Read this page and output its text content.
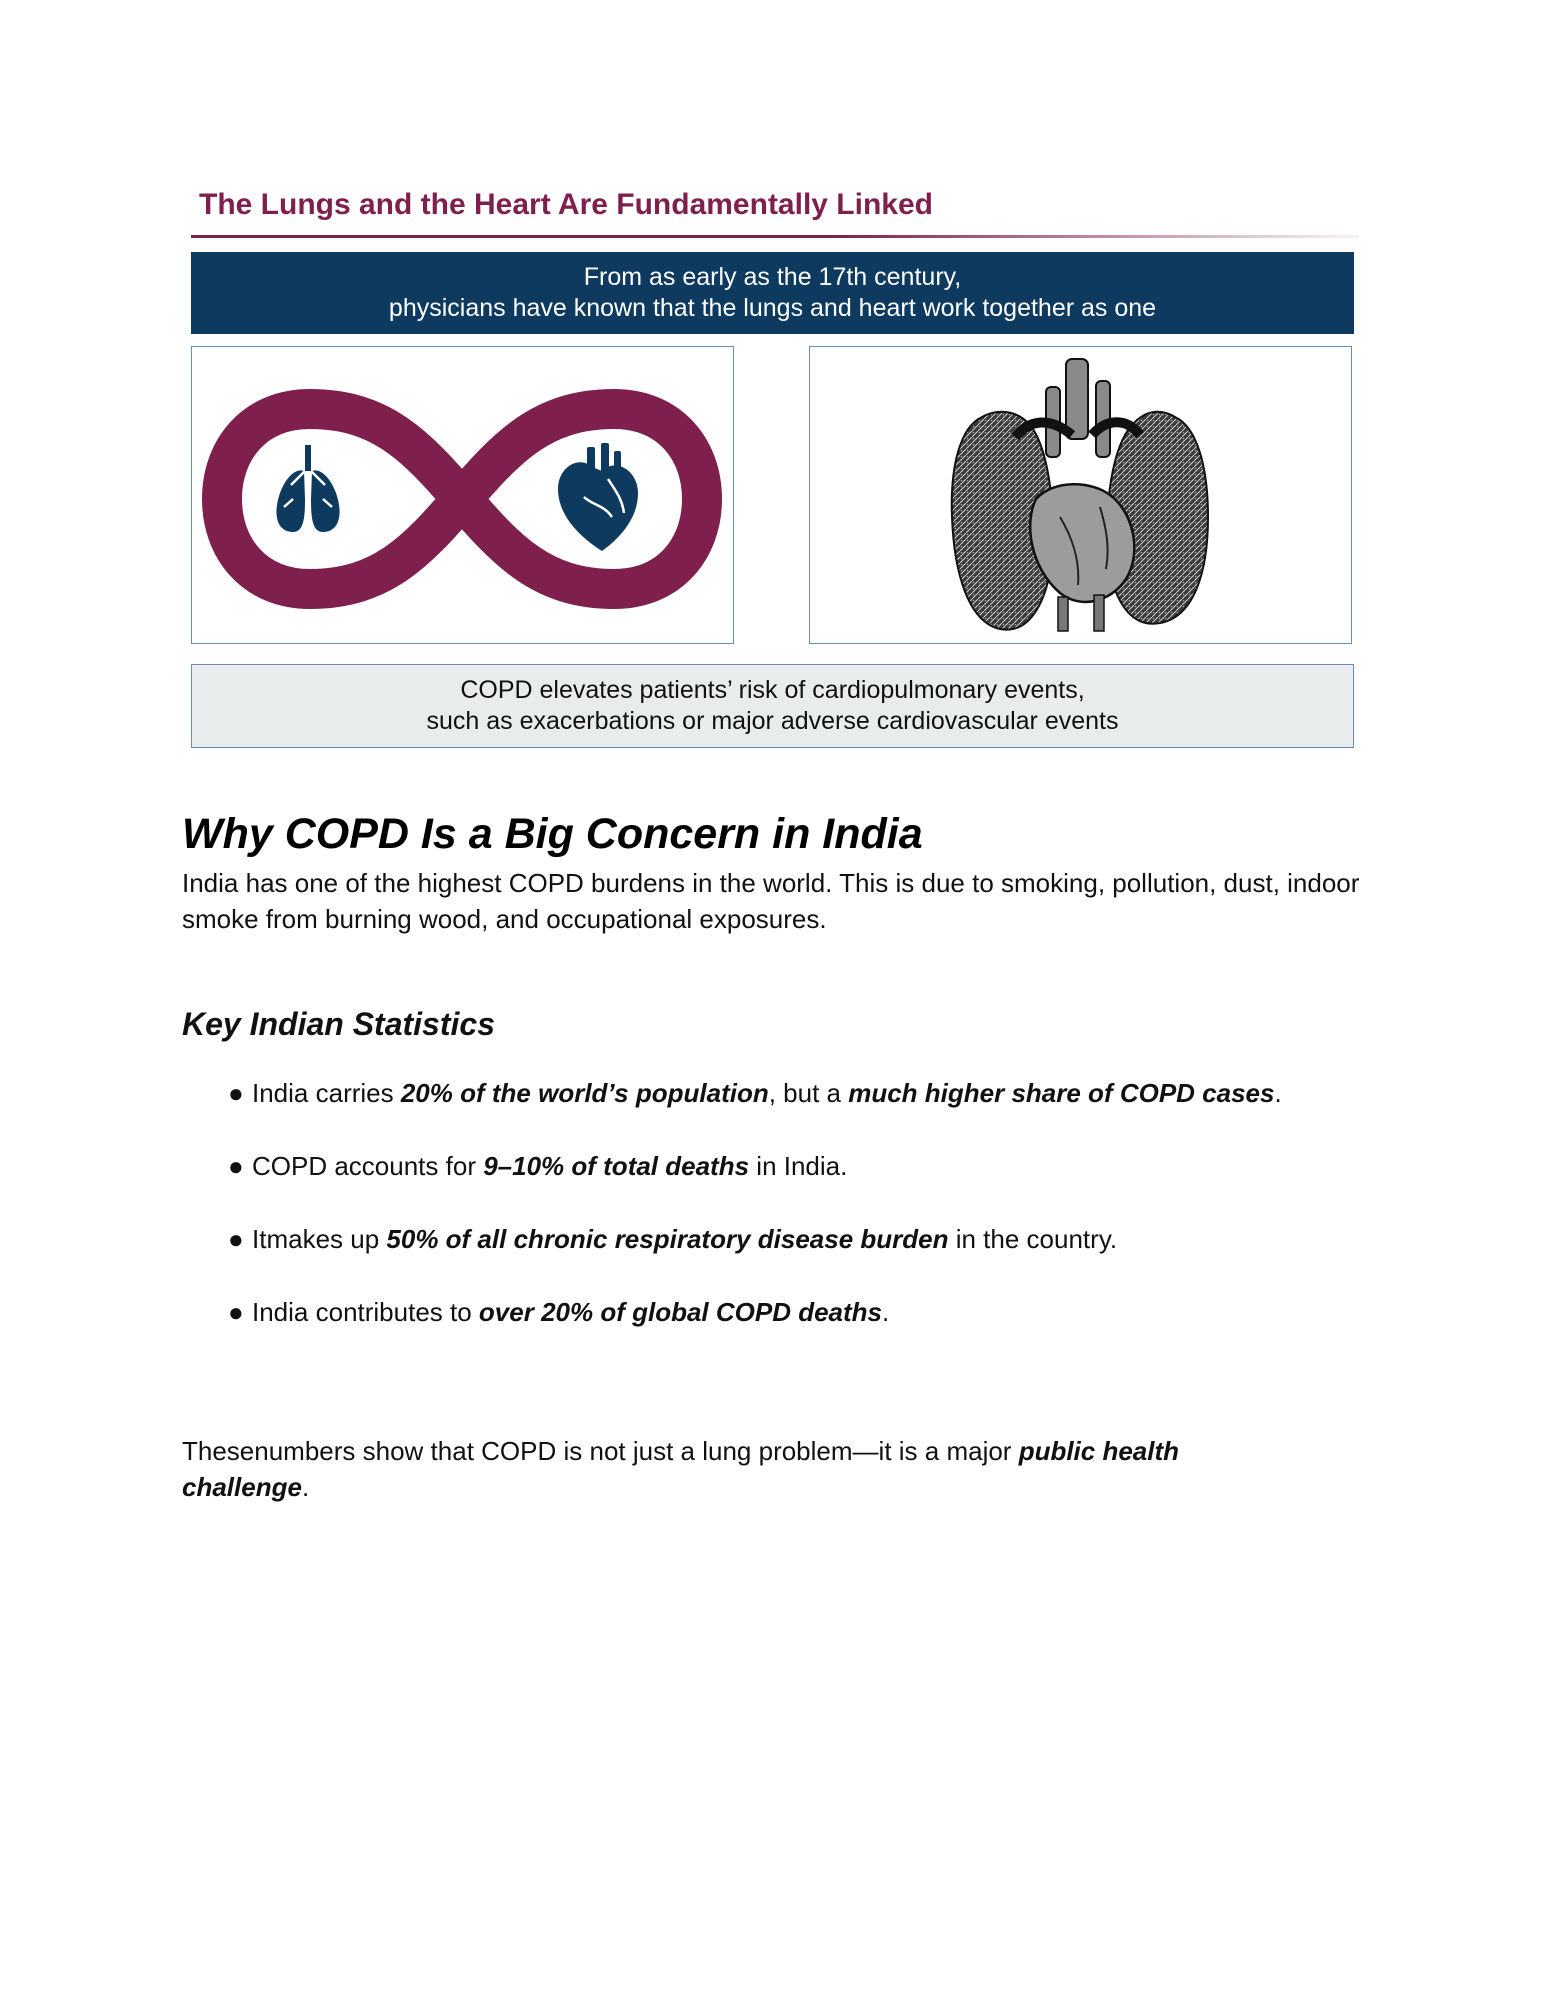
The Lungs and the Heart Are Fundamentally Linked
From as early as the 17th century,
physicians have known that the lungs and heart work together as one
COPD elevates patients’ risk of cardiopulmonary events,
such as exacerbations or major adverse cardiovascular events
Why COPD Is a Big Concern in India

India has one of the highest COPD burdens in the world. This is due to smoking, pollution, dust, indoor smoke from burning wood, and occupational exposures.

Key Indian Statistics
● India carries 20% of the world’s population, but a much higher share of COPD cases.
● COPD accounts for 9–10% of total deaths in India.
● Itmakes up 50% of all chronic respiratory disease burden in the country.
● India contributes to over 20% of global COPD deaths.

Thesenumbers show that COPD is not just a lung problem—it is a major public health challenge.
